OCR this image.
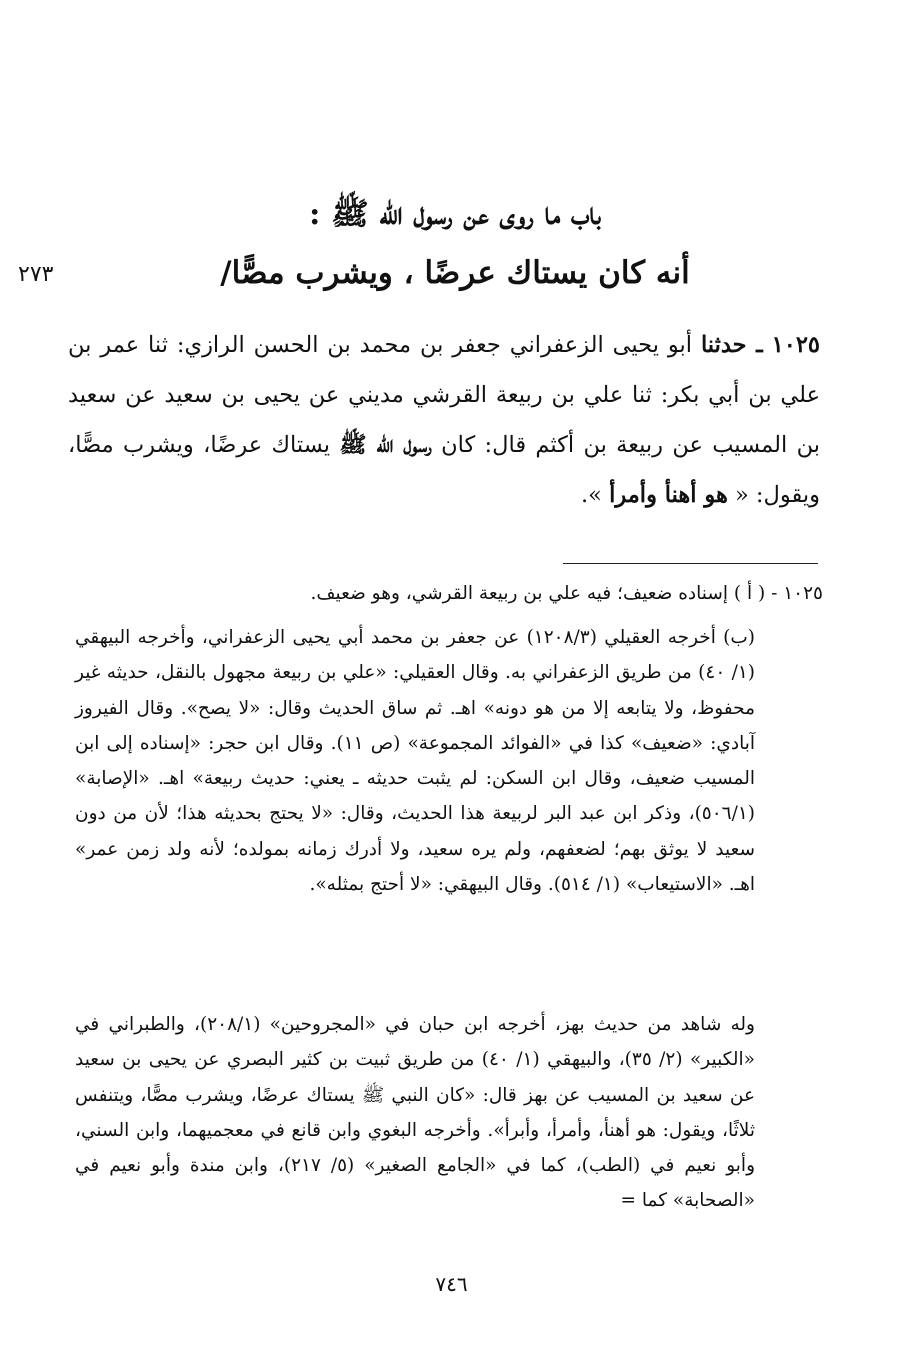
باب ما روى عن رسول الله ﷺ :
أنه كان يستاك عرضًا ، ويشرب مصًّا/
٢٧٣
١٠٢٥ ـ حدثنا أبو يحيى الزعفراني جعفر بن محمد بن الحسن الرازي: ثنا عمر بن علي بن أبي بكر: ثنا علي بن ربيعة القرشي مديني عن يحيى بن سعيد عن سعيد بن المسيب عن ربيعة بن أكثم قال: كان رسول الله ﷺ يستاك عرضًا، ويشرب مصًّا، ويقول: « هو أهنأ وأمرأ ».
١٠٢٥ - ( أ ) إسناده ضعيف؛ فيه علي بن ربيعة القرشي، وهو ضعيف.
(ب) أخرجه العقيلي (١٢٠٨/٣) عن جعفر بن محمد أبي يحيى الزعفراني، وأخرجه البيهقي (١/ ٤٠) من طريق الزعفراني به. وقال العقيلي: «علي بن ربيعة مجهول بالنقل، حديثه غير محفوظ، ولا يتابعه إلا من هو دونه» اهـ. ثم ساق الحديث وقال: «لا يصح». وقال الفيروز آبادي: «ضعيف» كذا في «الفوائد المجموعة» (ص ١١). وقال ابن حجر: «إسناده إلى ابن المسيب ضعيف، وقال ابن السكن: لم يثبت حديثه ـ يعني: حديث ربيعة» اهـ. «الإصابة» (٥٠٦/١)، وذكر ابن عبد البر لربيعة هذا الحديث، وقال: «لا يحتج بحديثه هذا؛ لأن من دون سعيد لا يوثق بهم؛ لضعفهم، ولم يره سعيد، ولا أدرك زمانه بمولده؛ لأنه ولد زمن عمر» اهـ. «الاستيعاب» (١/ ٥١٤). وقال البيهقي: «لا أحتج بمثله».
وله شاهد من حديث بهز، أخرجه ابن حبان في «المجروحين» (٢٠٨/١)، والطبراني في «الكبير» (٢/ ٣٥)، والبيهقي (١/ ٤٠) من طريق ثبيت بن كثير البصري عن يحيى بن سعيد عن سعيد بن المسيب عن بهز قال: «كان النبي ﷺ يستاك عرضًا، ويشرب مصًّا، ويتنفس ثلاثًا، ويقول: هو أهنأ، وأمرأ، وأبرأ». وأخرجه البغوي وابن قانع في معجميهما، وابن السني، وأبو نعيم في (الطب)، كما في «الجامع الصغير» (٥/ ٢١٧)، وابن مندة وأبو نعيم في «الصحابة» كما =
٧٤٦
